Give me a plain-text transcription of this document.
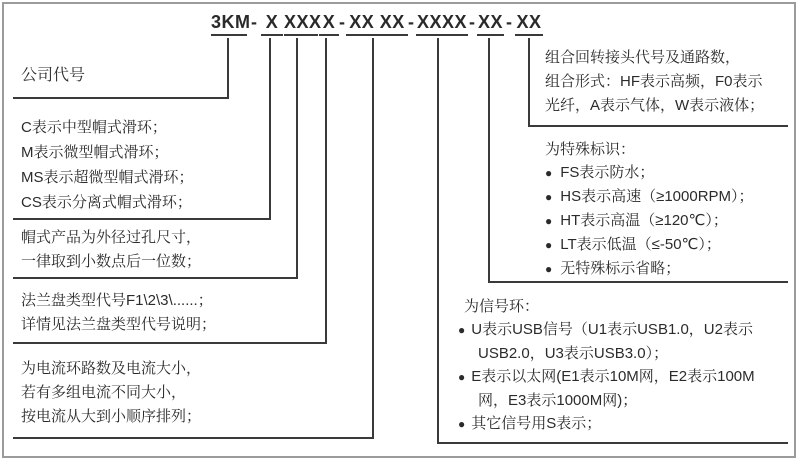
3KM - X XXX X - XX XX - XXXX - XX - XX
公司代号
C表示中型帽式滑环；
M表示微型帽式滑环；
MS表示超微型帽式滑环；
CS表示分离式帽式滑环；
帽式产品为外径过孔尺寸，
一律取到小数点后一位数；
法兰盘类型代号F1\2\3\......；
详情见法兰盘类型代号说明；
为电流环路数及电流大小，
若有多组电流不同大小，
按电流从大到小顺序排列；
组合回转接头代号及通路数，
组合形式：HF表示高频，F0表示
光纤，A表示气体，W表示液体；
为特殊标识：
● FS表示防水；
● HS表示高速（≥1000RPM）；
● HT表示高温（≥120℃）；
● LT表示低温（≤-50℃）；
● 无特殊标示省略；
为信号环：
● U表示USB信号（U1表示USB1.0，U2表示
USB2.0，U3表示USB3.0）；
● E表示以太网(E1表示10M网，E2表示100M
网，E3表示1000M网)；
● 其它信号用S表示；
